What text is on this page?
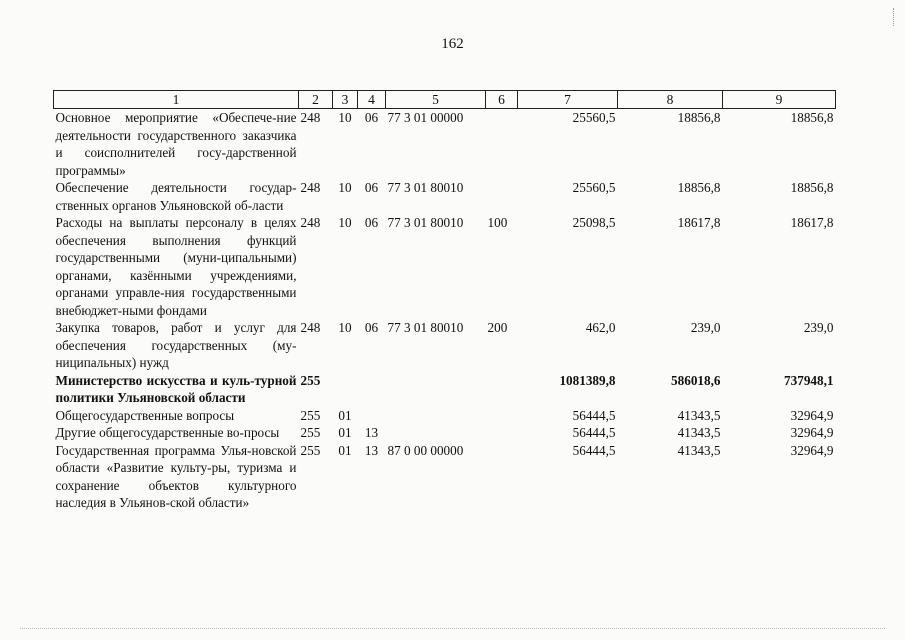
162
1	2	3	4	5	6	7	8	9
Основное мероприятие «Обеспече-ние деятельности государственного заказчика и соисполнителей госу-дарственной программы»	248	10	06	77 3 01 00000		25560,5	18856,8	18856,8
Обеспечение деятельности государ-ственных органов Ульяновской об-ласти	248	10	06	77 3 01 80010		25560,5	18856,8	18856,8
Расходы на выплаты персоналу в целях обеспечения выполнения функций государственными (муни-ципальными) органами, казёнными учреждениями, органами управле-ния государственными внебюджет-ными фондами	248	10	06	77 3 01 80010	100	25098,5	18617,8	18617,8
Закупка товаров, работ и услуг для обеспечения государственных (му-ниципальных) нужд	248	10	06	77 3 01 80010	200	462,0	239,0	239,0
Министерство искусства и куль-турной политики Ульяновской области	255					1081389,8	586018,6	737948,1
Общегосударственные вопросы	255	01				56444,5	41343,5	32964,9
Другие общегосударственные во-просы	255	01	13			56444,5	41343,5	32964,9
Государственная программа Улья-новской области «Развитие культу-ры, туризма и сохранение объектов культурного наследия в Ульянов-ской области»	255	01	13	87 0 00 00000		56444,5	41343,5	32964,9
